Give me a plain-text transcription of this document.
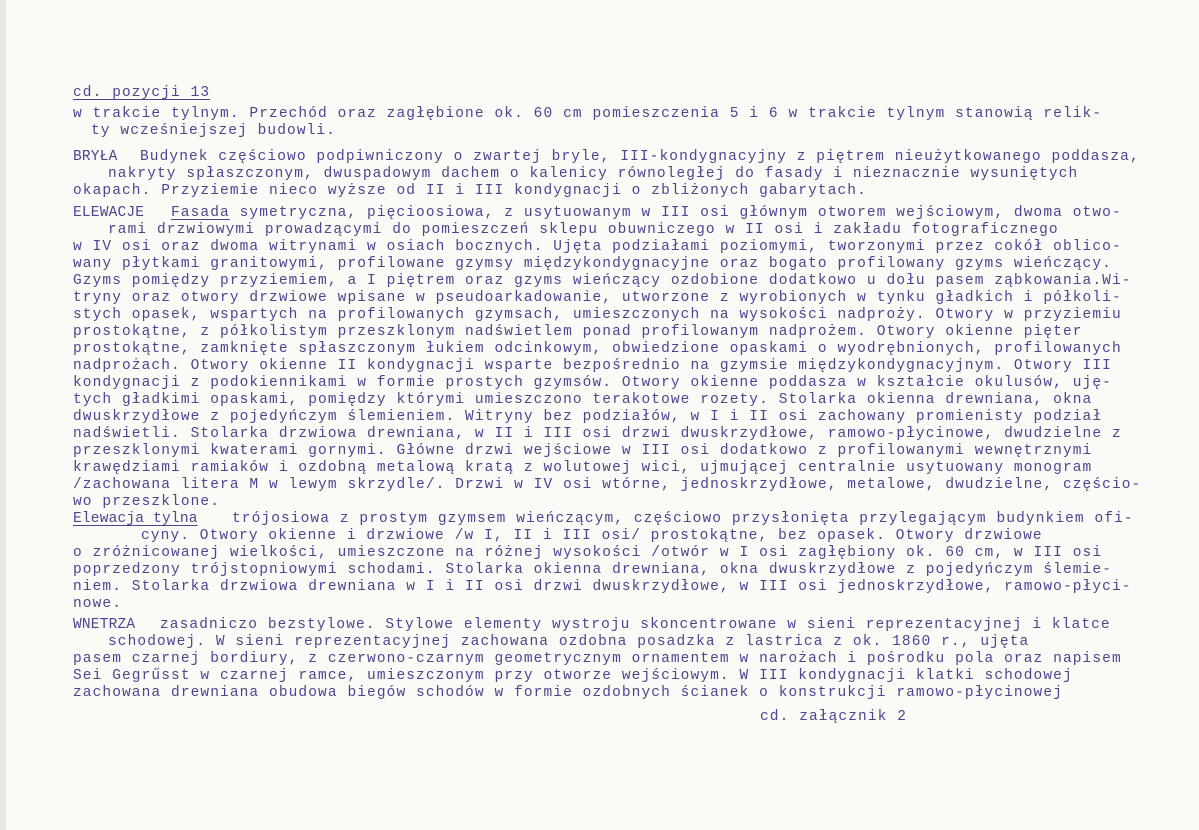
cd. pozycji 13
w trakcie tylnym. Przechód oraz zagłębione ok. 60 cm pomieszczenia 5 i 6 w trakcie tylnym stanowią relik-
ty wcześniejszej budowli.
BRYŁA Budynek częściowo podpiwniczony o zwartej bryle, III-kondygnacyjny z piętrem nieużytkowanego poddasza,
nakryty spłaszczonym, dwuspadowym dachem o kalenicy równoległej do fasady i nieznacznie wysuniętych
okapach. Przyziemie nieco wyższe od II i III kondygnacji o zbliżonych gabarytach.
ELEWACJE Fasada symetryczna, pięcioosiowa, z usytuowanym w III osi głównym otworem wejściowym, dwoma otwo-
rami drzwiowymi prowadzącymi do pomieszczeń sklepu obuwniczego w II osi i zakładu fotograficznego
w IV osi oraz dwoma witrynami w osiach bocznych. Ujęta podziałami poziomymi, tworzonymi przez cokół oblico-
wany płytkami granitowymi, profilowane gzymsy międzykondygnacyjne oraz bogato profilowany gzyms wieńczący.
Gzyms pomiędzy przyziemiem, a I piętrem oraz gzyms wieńczący ozdobione dodatkowo u dołu pasem ząbkowania.Wi-
tryny oraz otwory drzwiowe wpisane w pseudoarkadowanie, utworzone z wyrobionych w tynku gładkich i półkoli-
stych opasek, wspartych na profilowanych gzymsach, umieszczonych na wysokości nadproży. Otwory w przyziemiu
prostokątne, z półkolistym przeszklonym nadświetlem ponad profilowanym nadprożem. Otwory okienne pięter
prostokątne, zamknięte spłaszczonym łukiem odcinkowym, obwiedzione opaskami o wyodrębnionych, profilowanych
nadprożach. Otwory okienne II kondygnacji wsparte bezpośrednio na gzymsie międzykondygnacyjnym. Otwory III
kondygnacji z podokiennikami w formie prostych gzymsów. Otwory okienne poddasza w kształcie okulusów, uję-
tych gładkimi opaskami, pomiędzy którymi umieszczono terakotowe rozety. Stolarka okienna drewniana, okna
dwuskrzydłowe z pojedyńczym ślemieniem. Witryny bez podziałów, w I i II osi zachowany promienisty podział
nadświetli. Stolarka drzwiowa drewniana, w II i III osi drzwi dwuskrzydłowe, ramowo-płycinowe, dwudzielne z
przeszklonymi kwaterami gornymi. Główne drzwi wejściowe w III osi dodatkowo z profilowanymi wewnętrznymi
krawędziami ramiaków i ozdobną metalową kratą z wolutowej wici, ujmującej centralnie usytuowany monogram
/zachowana litera M w lewym skrzydle/. Drzwi w IV osi wtórne, jednoskrzydłowe, metalowe, dwudzielne, częścio-
wo przeszklone.
Elewacja tylna trójosiowa z prostym gzymsem wieńczącym, częściowo przysłonięta przylegającym budynkiem ofi-
cyny. Otwory okienne i drzwiowe /w I, II i III osi/ prostokątne, bez opasek. Otwory drzwiowe
o zróżnicowanej wielkości, umieszczone na różnej wysokości /otwór w I osi zagłębiony ok. 60 cm, w III osi
poprzedzony trójstopniowymi schodami. Stolarka okienna drewniana, okna dwuskrzydłowe z pojedyńczym ślemie-
niem. Stolarka drzwiowa drewniana w I i II osi drzwi dwuskrzydłowe, w III osi jednoskrzydłowe, ramowo-płyci-
nowe.
WNETRZA zasadniczo bezstylowe. Stylowe elementy wystroju skoncentrowane w sieni reprezentacyjnej i klatce
schodowej. W sieni reprezentacyjnej zachowana ozdobna posadzka z lastrica z ok. 1860 r., ujęta
pasem czarnej bordiury, z czerwono-czarnym geometrycznym ornamentem w narożach i pośrodku pola oraz napisem
Sei Gegrűsst w czarnej ramce, umieszczonym przy otworze wejściowym. W III kondygnacji klatki schodowej
zachowana drewniana obudowa biegów schodów w formie ozdobnych ścianek o konstrukcji ramowo-płycinowej
cd. załącznik 2
